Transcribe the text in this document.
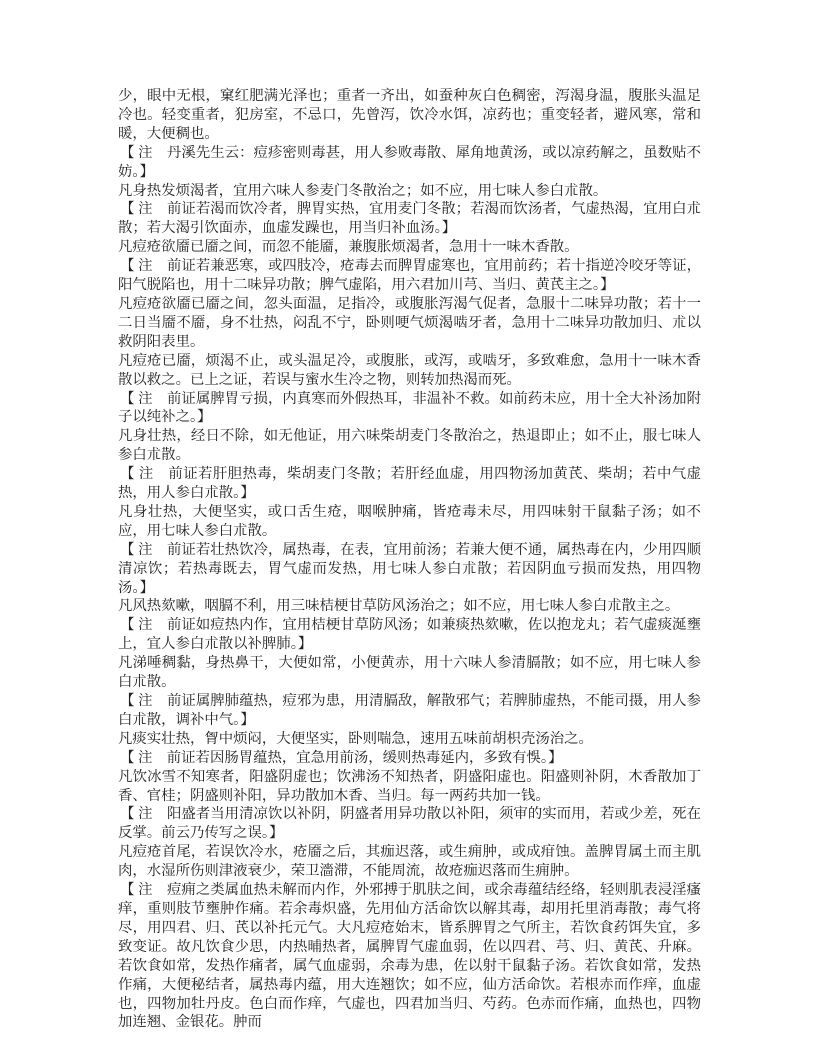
少，眼中无根，窠红肥满光泽也；重者一齐出，如蚕种灰白色稠密，泻渴身温，腹胀头温足冷也。轻变重者，犯房室，不忌口，先曾泻，饮冷水饵，凉药也；重变轻者，避风寒，常和暖，大便稠也。

【 注　丹溪先生云：痘疹密则毒甚，用人参败毒散、犀角地黄汤，或以凉药解之，虽数贴不妨。】

凡身热发烦渴者，宜用六味人参麦门冬散治之；如不应，用七味人参白朮散。

【 注　前证若渴而饮冷者，脾胃实热，宜用麦门冬散；若渴而饮汤者，气虚热渴，宜用白朮散；若大渴引饮面赤，血虚发躁也，用当归补血汤。】

凡痘疮欲靥已靥之间，而忽不能靥，兼腹胀烦渴者，急用十一味木香散。

【 注　前证若兼恶寒，或四肢冷，疮毒去而脾胃虚寒也，宜用前药；若十指逆冷咬牙等证，阳气脱陷也，用十二味异功散；脾气虚陷，用六君加川芎、当归、黄芪主之。】

凡痘疮欲靥已靥之间，忽头面温，足指冷，或腹胀泻渴气促者，急服十二味异功散；若十一二日当靥不靥，身不壮热，闷乱不宁，卧则哽气烦渴啮牙者，急用十二味异功散加归、朮以救阴阳表里。

凡痘疮已靥，烦渴不止，或头温足冷，或腹胀，或泻，或啮牙，多致难愈，急用十一味木香散以救之。已上之证，若误与蜜水生冷之物，则转加热渴而死。

【 注　前证属脾胃亏损，内真寒而外假热耳，非温补不救。如前药未应，用十全大补汤加附子以纯补之。】

凡身壮热，经日不除，如无他证，用六味柴胡麦门冬散治之，热退即止；如不止，服七味人参白朮散。

【 注　前证若肝胆热毒，柴胡麦门冬散；若肝经血虚，用四物汤加黄芪、柴胡；若中气虚热，用人参白朮散。】

凡身壮热，大便坚实，或口舌生疮，咽喉肿痛，皆疮毒未尽，用四味射干鼠黏子汤；如不应，用七味人参白朮散。

【 注　前证若壮热饮冷，属热毒，在表，宜用前汤；若兼大便不通，属热毒在内，少用四顺清凉饮；若热毒既去，胃气虚而发热，用七味人参白朮散；若因阴血亏损而发热，用四物汤。】

凡风热欬嗽，咽膈不利，用三味桔梗甘草防风汤治之；如不应，用七味人参白朮散主之。

【 注　前证如痘热内作，宜用桔梗甘草防风汤；如兼痰热欬嗽，佐以抱龙丸；若气虚痰涎壅上，宜人参白朮散以补脾肺。】

凡涕唾稠黏，身热鼻干，大便如常，小便黄赤，用十六味人参清膈散；如不应，用七味人参白朮散。

【 注　前证属脾肺蕴热，痘邪为患，用清膈敌，解散邪气；若脾肺虚热，不能司摄，用人参白朮散，调补中气。】

凡痰实壮热，胷中烦闷，大便坚实，卧则喘急，速用五味前胡枳壳汤治之。

【 注　前证若因肠胃蕴热，宜急用前汤，缓则热毒延内，多致有悞。】

凡饮冰雪不知寒者，阳盛阴虚也；饮沸汤不知热者，阴盛阳虚也。阳盛则补阴，木香散加丁香、官桂；阴盛则补阳，异功散加木香、当归。每一两药共加一钱。

【 注　阳盛者当用清凉饮以补阴，阴盛者用异功散以补阳，须审的实而用，若或少差，死在反掌。前云乃传写之误。】

凡痘疮首尾，若误饮冷水，疮靥之后，其痂迟落，或生痈肿，或成疳蚀。盖脾胃属土而主肌肉，水湿所伤则津液衰少，荣卫濇滞，不能周流，故疮痂迟落而生痈肿。

【 注　痘痈之类属血热未解而内作，外邪搏于肌肤之间，或余毒蕴结经络，轻则肌表浸淫瘙痒，重则肢节壅肿作痛。若余毒炽盛，先用仙方活命饮以解其毒，却用托里消毒散；毒气将尽，用四君、归、芪以补托元气。大凡痘疮始末，皆系脾胃之气所主，若饮食药饵失宜，多致变证。故凡饮食少思，内热晡热者，属脾胃气虚血弱，佐以四君、芎、归、黄芪、升麻。若饮食如常，发热作痛者，属气血虚弱，余毒为患，佐以射干鼠黏子汤。若饮食如常，发热作痛，大便秘结者，属热毒内蕴，用大连翘饮；如不应，仙方活命饮。若根赤而作痒，血虚也，四物加牡丹皮。色白而作痒，气虚也，四君加当归、芍药。色赤而作痛，血热也，四物加连翘、金银花。肿而
